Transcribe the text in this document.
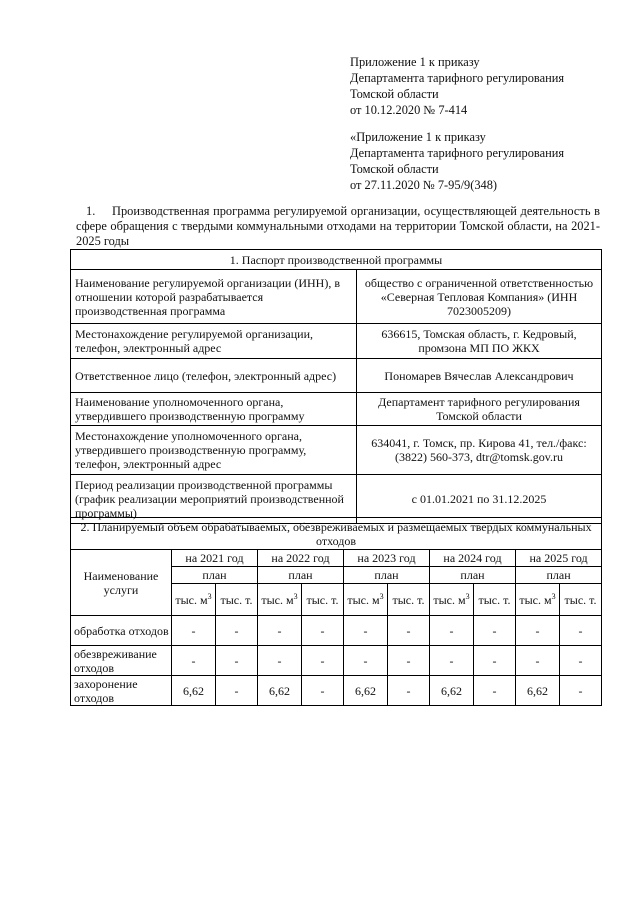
Приложение 1 к приказу
Департамента тарифного регулирования
Томской области
от 10.12.2020 № 7-414
«Приложение 1 к приказу
Департамента тарифного регулирования
Томской области
от 27.11.2020 № 7-95/9(348)
1. Производственная программа регулируемой организации, осуществляющей деятельность в сфере обращения с твердыми коммунальными отходами на территории Томской области, на 2021- 2025 годы
1. Паспорт производственной программы	
Наименование регулируемой организации (ИНН), в отношении которой разрабатывается производственная программа	общество с ограниченной ответственностью «Северная Тепловая Компания» (ИНН 7023005209)
Местонахождение регулируемой организации, телефон, электронный адрес	636615, Томская область, г. Кедровый, промзона МП ПО ЖКХ
Ответственное лицо (телефон, электронный адрес)	Пономарев Вячеслав Александрович
Наименование уполномоченного органа, утвердившего производственную программу	Департамент тарифного регулирования Томской области
Местонахождение уполномоченного органа, утвердившего производственную программу, телефон, электронный адрес	634041, г. Томск, пр. Кирова 41, тел./факс: (3822) 560-373, dtr@tomsk.gov.ru
Период реализации производственной программы (график реализации мероприятий производственной программы)	с 01.01.2021 по 31.12.2025
2. Планируемый объем обрабатываемых, обезвреживаемых и размещаемых твердых коммунальных отходов										
Наименование услуги	на 2021 год		на 2022 год		на 2023 год		на 2024 год		на 2025 год	
	план		план		план		план		план	
	тыс. $м^3$	тыс. т.	тыс. $м^3$	тыс. т.	тыс. $м^3$	тыс. т.	тыс. $м^3$	тыс. т.	тыс. $м^3$	тыс. т.
обработка отходов	-	-	-	-	-	-	-	-	-	-
обезвреживание отходов	-	-	-	-	-	-	-	-	-	-
захоронение отходов	6,62	-	6,62	-	6,62	-	6,62	-	6,62	-
